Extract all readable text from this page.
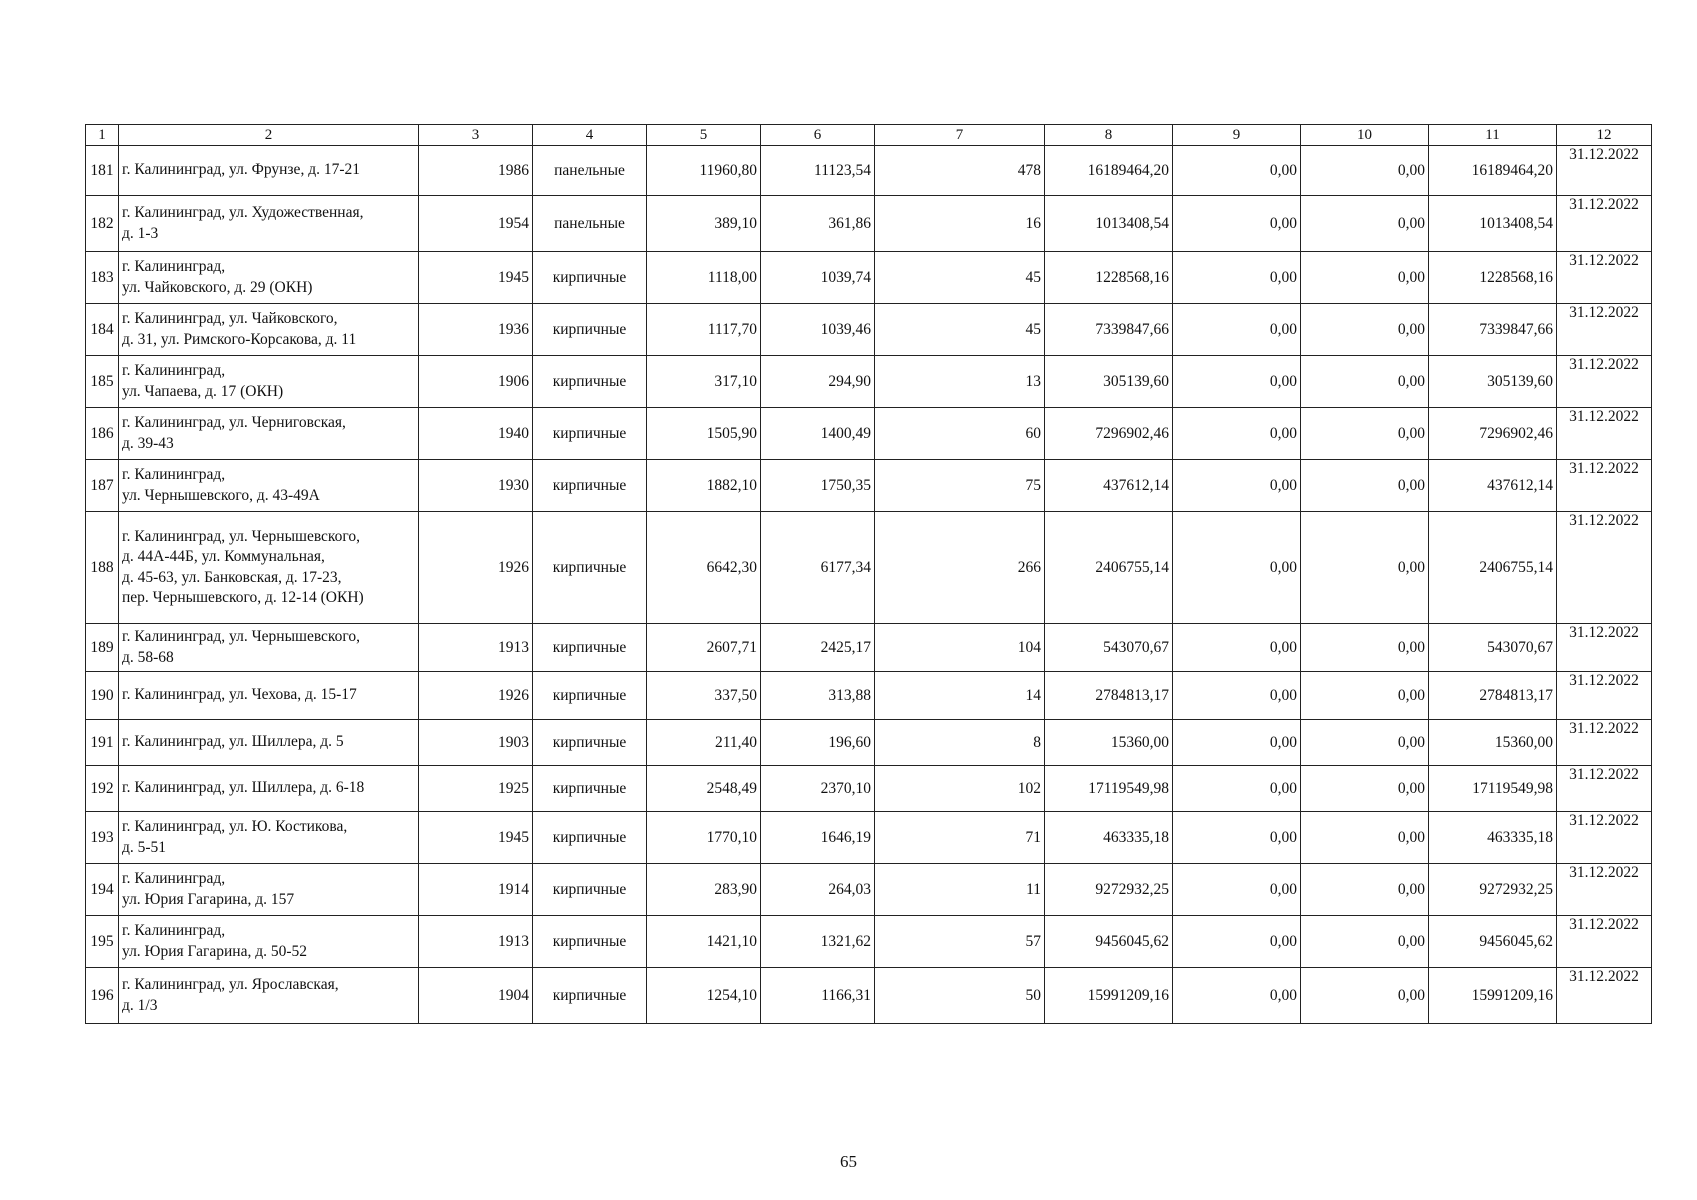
1	2	3	4	5	6	7	8	9	10	11	12
181	г. Калининград, ул. Фрунзе, д. 17-21	1986	панельные	11960,80	11123,54	478	16189464,20	0,00	0,00	16189464,20	31.12.2022
182	г. Калининград, ул. Художественная,
д. 1-3	1954	панельные	389,10	361,86	16	1013408,54	0,00	0,00	1013408,54	31.12.2022
183	г. Калининград,
ул. Чайковского, д. 29 (ОКН)	1945	кирпичные	1118,00	1039,74	45	1228568,16	0,00	0,00	1228568,16	31.12.2022
184	г. Калининград, ул. Чайковского,
д. 31, ул. Римского-Корсакова, д. 11	1936	кирпичные	1117,70	1039,46	45	7339847,66	0,00	0,00	7339847,66	31.12.2022
185	г. Калининград,
ул. Чапаева, д. 17 (ОКН)	1906	кирпичные	317,10	294,90	13	305139,60	0,00	0,00	305139,60	31.12.2022
186	г. Калининград, ул. Черниговская,
д. 39-43	1940	кирпичные	1505,90	1400,49	60	7296902,46	0,00	0,00	7296902,46	31.12.2022
187	г. Калининград,
ул. Чернышевского, д. 43-49А	1930	кирпичные	1882,10	1750,35	75	437612,14	0,00	0,00	437612,14	31.12.2022
188	г. Калининград, ул. Чернышевского,
д. 44А-44Б, ул. Коммунальная,
д. 45-63, ул. Банковская, д. 17-23,
пер. Чернышевского, д. 12-14 (ОКН)	1926	кирпичные	6642,30	6177,34	266	2406755,14	0,00	0,00	2406755,14	31.12.2022
189	г. Калининград, ул. Чернышевского,
д. 58-68	1913	кирпичные	2607,71	2425,17	104	543070,67	0,00	0,00	543070,67	31.12.2022
190	г. Калининград, ул. Чехова, д. 15-17	1926	кирпичные	337,50	313,88	14	2784813,17	0,00	0,00	2784813,17	31.12.2022
191	г. Калининград, ул. Шиллера, д. 5	1903	кирпичные	211,40	196,60	8	15360,00	0,00	0,00	15360,00	31.12.2022
192	г. Калининград, ул. Шиллера, д. 6-18	1925	кирпичные	2548,49	2370,10	102	17119549,98	0,00	0,00	17119549,98	31.12.2022
193	г. Калининград, ул. Ю. Костикова,
д. 5-51	1945	кирпичные	1770,10	1646,19	71	463335,18	0,00	0,00	463335,18	31.12.2022
194	г. Калининград,
ул. Юрия Гагарина, д. 157	1914	кирпичные	283,90	264,03	11	9272932,25	0,00	0,00	9272932,25	31.12.2022
195	г. Калининград,
ул. Юрия Гагарина, д. 50-52	1913	кирпичные	1421,10	1321,62	57	9456045,62	0,00	0,00	9456045,62	31.12.2022
196	г. Калининград, ул. Ярославская,
д. 1/3	1904	кирпичные	1254,10	1166,31	50	15991209,16	0,00	0,00	15991209,16	31.12.2022
65
